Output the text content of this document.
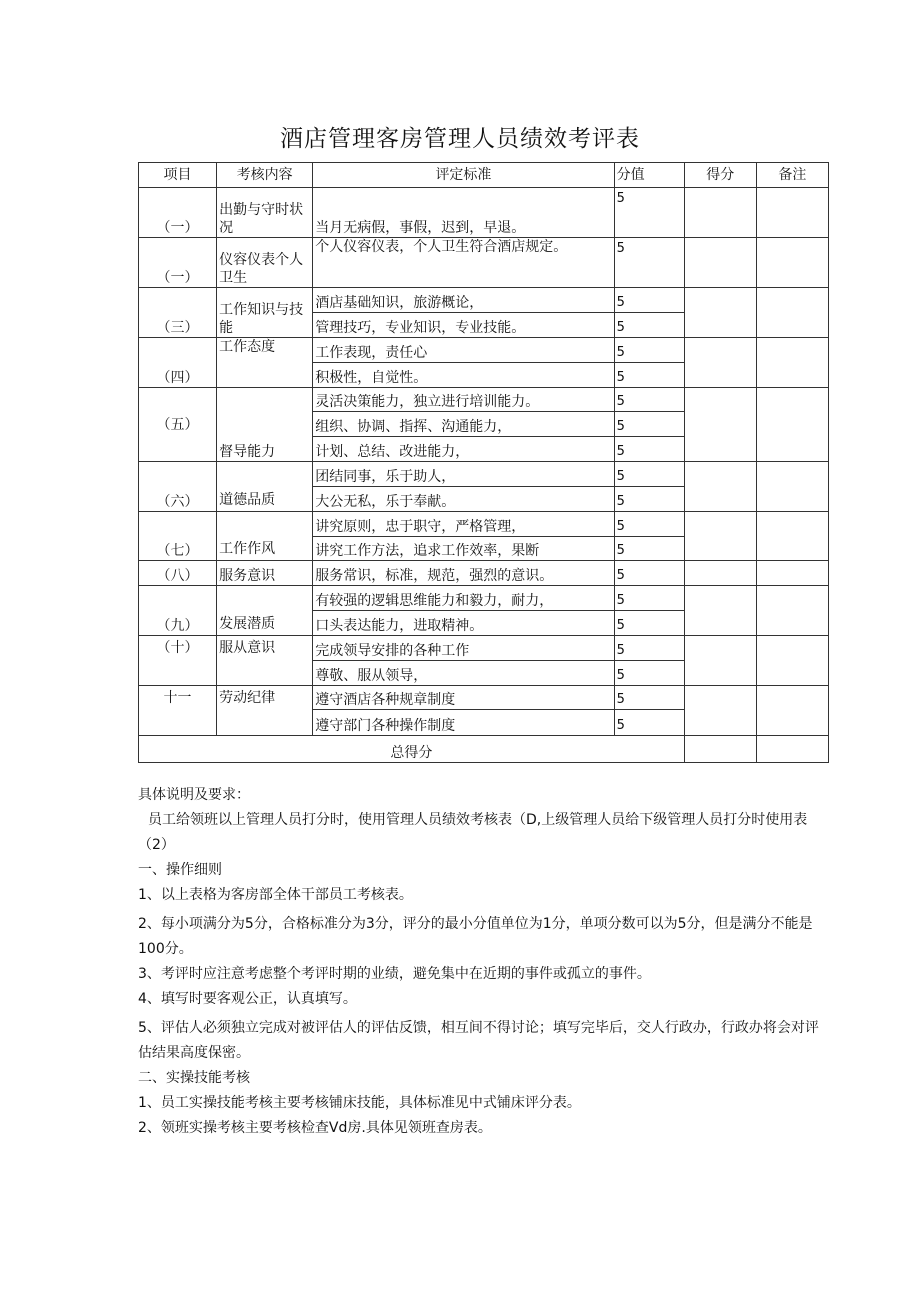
酒店管理客房管理人员绩效考评表
项目	考核内容	评定标准	分值	得分	备注
（一）	出勤与守时状况	当月无病假，事假，迟到，早退。	5		
（一）	仪容仪表个人卫生	个人仪容仪表，个人卫生符合酒店规定。	5		
（三）	工作知识与技能	酒店基础知识，旅游概论，	5		
		管理技巧，专业知识，专业技能。	5		
（四）	工作态度	工作表现，责任心	5		
		积极性，自觉性。	5		
（五）	督导能力	灵活决策能力，独立进行培训能力。	5		
		组织、协调、指挥、沟通能力，	5		
		计划、总结、改进能力，	5		
（六）	道德品质	团结同事，乐于助人，	5		
		大公无私，乐于奉献。	5		
（七）	工作作风	讲究原则，忠于职守，严格管理，	5		
		讲究工作方法，追求工作效率，果断	5		
（八）	服务意识	服务常识，标准，规范，强烈的意识。	5		
（九）	发展潜质	有较强的逻辑思维能力和毅力，耐力，	5		
		口头表达能力，进取精神。	5		
（十）	服从意识	完成领导安排的各种工作	5		
		尊敬、服从领导，	5		
十一	劳动纪律	遵守酒店各种规章制度	5		
		遵守部门各种操作制度	5		
总得分					

具体说明及要求：

员工给领班以上管理人员打分时，使用管理人员绩效考核表（D,上级管理人员给下级管理人员打分时使用表（2）

一、操作细则

1、以上表格为客房部全体干部员工考核表。

2、每小项满分为5分，合格标准分为3分，评分的最小分值单位为1分，单项分数可以为5分，但是满分不能是100分。

3、考评时应注意考虑整个考评时期的业绩，避免集中在近期的事件或孤立的事件。

4、填写时要客观公正，认真填写。

5、评估人必须独立完成对被评估人的评估反馈，相互间不得讨论；填写完毕后，交人行政办，行政办将会对评估结果高度保密。

二、实操技能考核

1、员工实操技能考核主要考核铺床技能，具体标准见中式铺床评分表。

2、领班实操考核主要考核检查Vd房.具体见领班查房表。
